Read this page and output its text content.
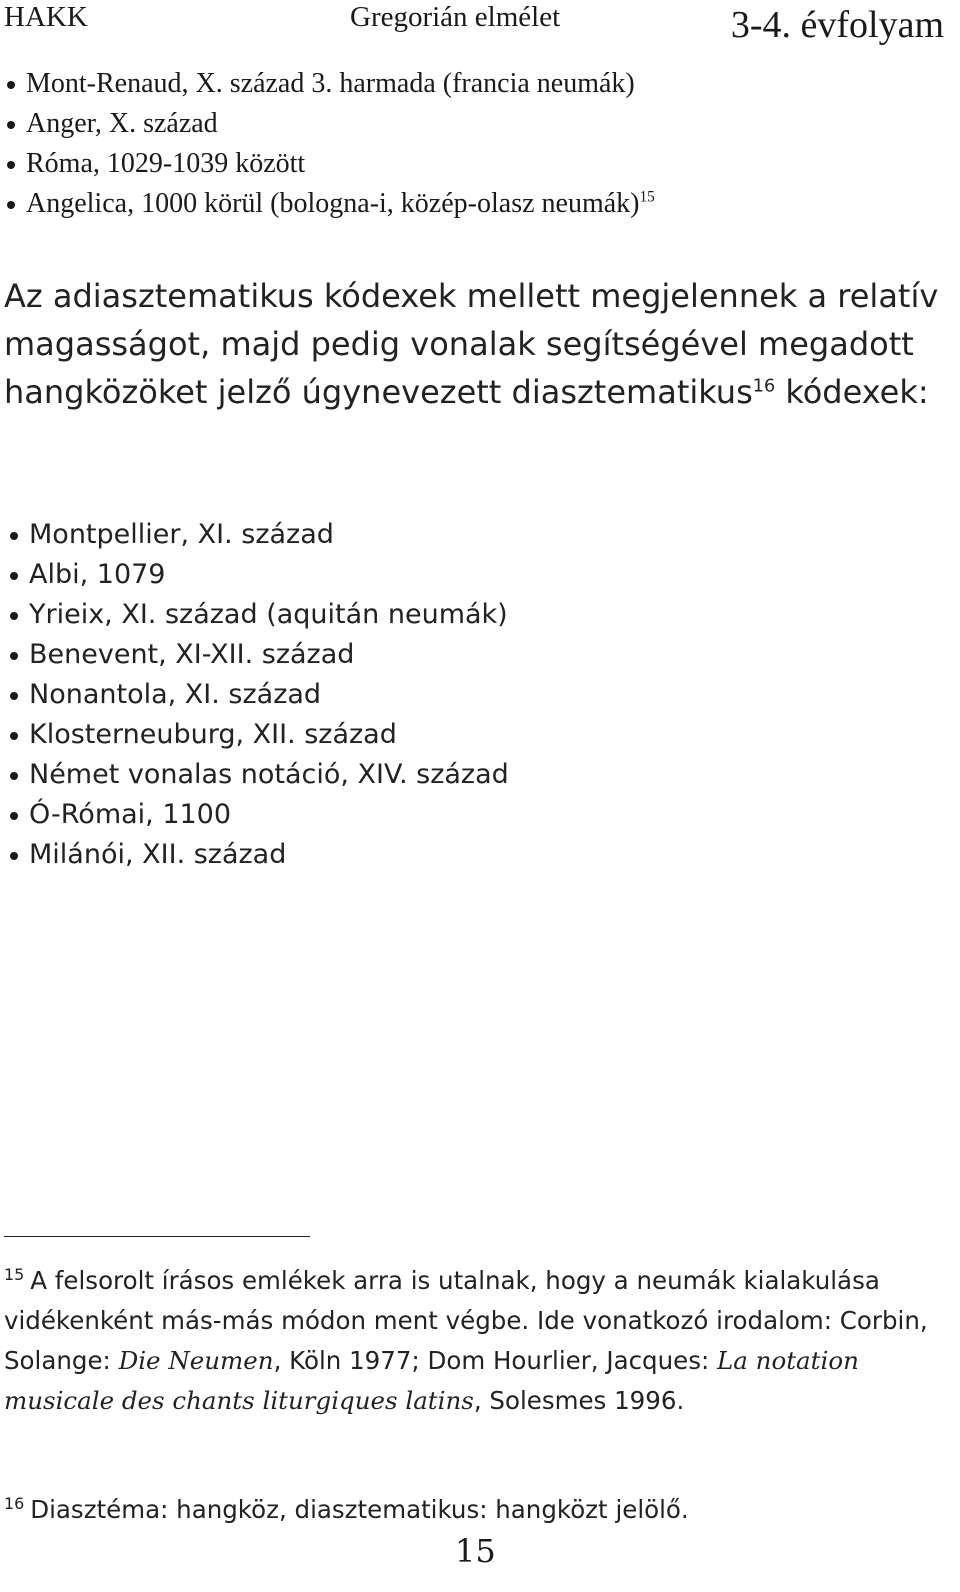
HAKK	Gregorián elmélet	3-4. évfolyam
Mont-Renaud, X. század 3. harmada (francia neumák)
Anger, X. század
Róma, 1029-1039 között
Angelica, 1000 körül (bologna-i, közép-olasz neumák)$^{15}$

Az adiasztematikus kódexek mellett megjelennek a relatív magasságot, majd pedig vonalak segítségével megadott hangközöket jelző úgynevezett diasztematikus$^{16}$ kódexek:

Montpellier, XI. század
Albi, 1079
Yrieix, XI. század (aquitán neumák)
Benevent, XI-XII. század
Nonantola, XI. század
Klosterneuburg, XII. század
Német vonalas notáció, XIV. század
Ó-Római, 1100
Milánói, XII. század

$^{15}$ A felsorolt írásos emlékek arra is utalnak, hogy a neumák kialakulása vidékenként más-más módon ment végbe. Ide vonatkozó irodalom: Corbin, Solange: Die Neumen, Köln 1977; Dom Hourlier, Jacques: La notation musicale des chants liturgiques latins, Solesmes 1996.

$^{16}$ Diasztéma: hangköz, diasztematikus: hangközt jelölő.

15
